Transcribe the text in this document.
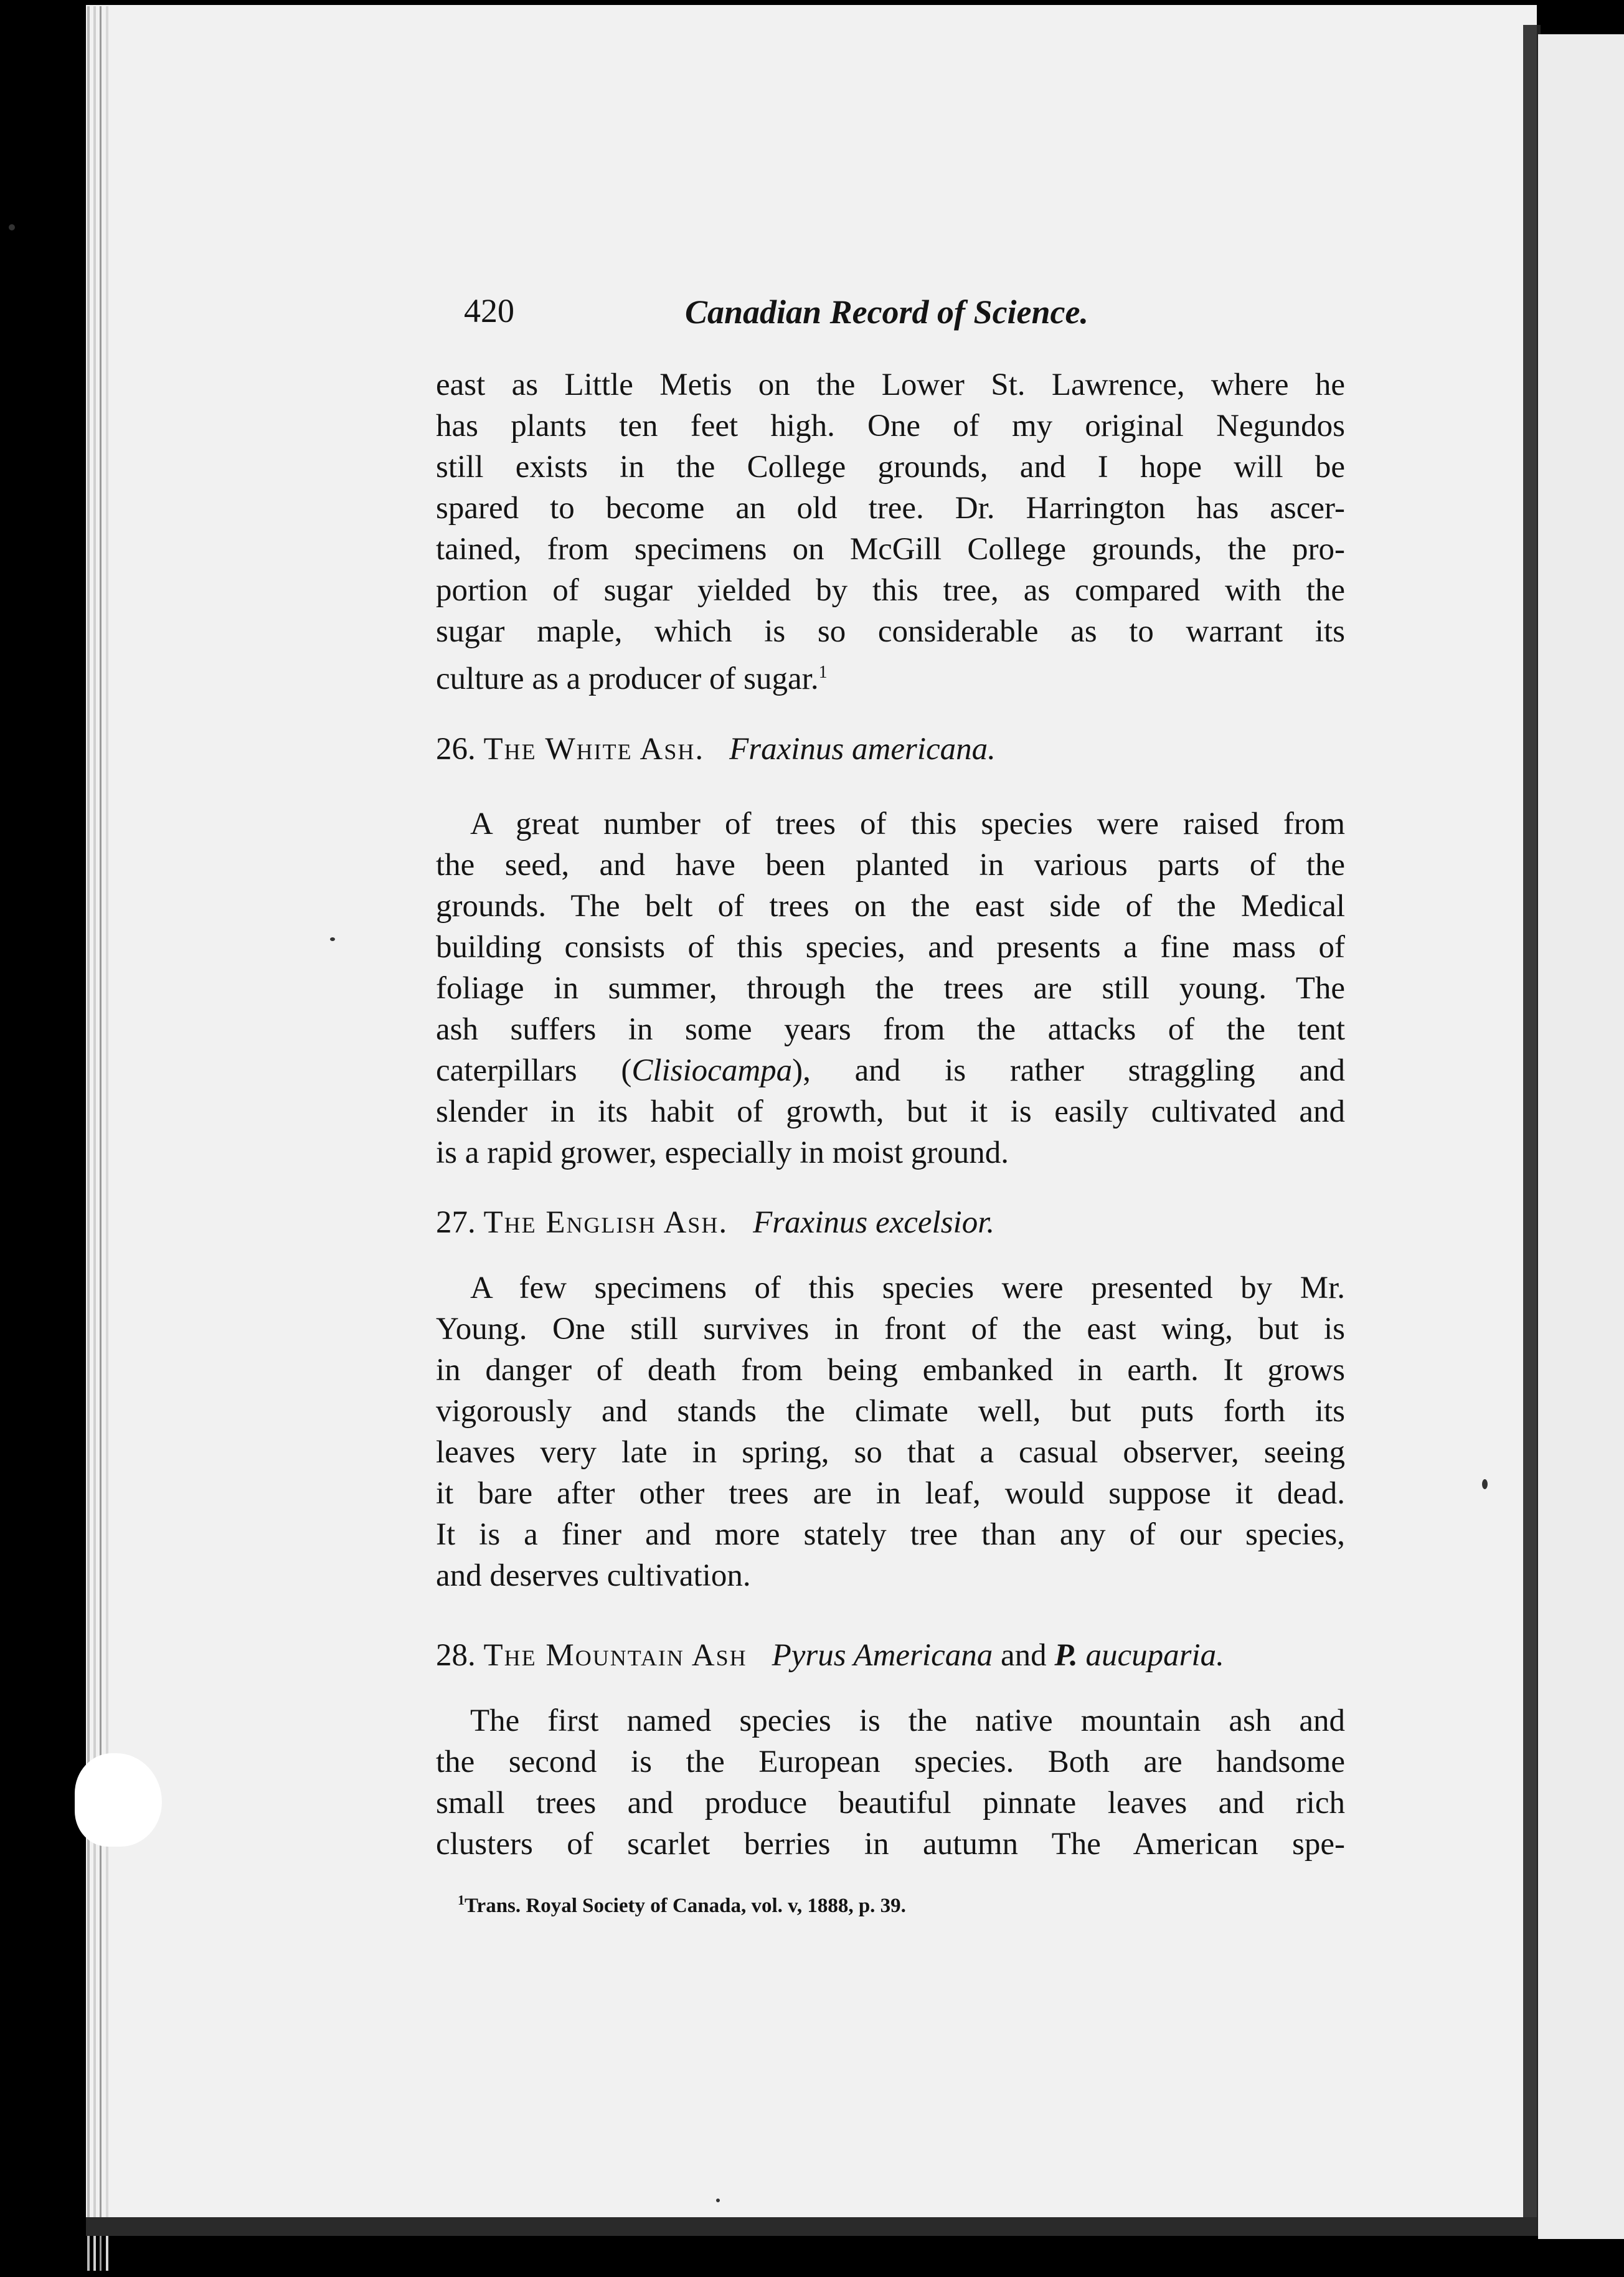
420	Canadian Record of Science.
east as Little Metis on the Lower St. Lawrence, where he
has plants ten feet high. One of my original Negundos
still exists in the College grounds, and I hope will be
spared to become an old tree. Dr. Harrington has ascer-
tained, from specimens on McGill College grounds, the pro-
portion of sugar yielded by this tree, as compared with the
sugar maple, which is so considerable as to warrant its
culture as a producer of sugar.$^1$
26. The White Ash. Fraxinus americana.
A great number of trees of this species were raised from
the seed, and have been planted in various parts of the
grounds. The belt of trees on the east side of the Medical
building consists of this species, and presents a fine mass of
foliage in summer, through the trees are still young. The
ash suffers in some years from the attacks of the tent
caterpillars (Clisiocampa), and is rather straggling and
slender in its habit of growth, but it is easily cultivated and
is a rapid grower, especially in moist ground.
27. The English Ash. Fraxinus excelsior.
A few specimens of this species were presented by Mr.
Young. One still survives in front of the east wing, but is
in danger of death from being embanked in earth. It grows
vigorously and stands the climate well, but puts forth its
leaves very late in spring, so that a casual observer, seeing
it bare after other trees are in leaf, would suppose it dead.
It is a finer and more stately tree than any of our species,
and deserves cultivation.
28. The Mountain Ash Pyrus Americana and P. aucuparia.
The first named species is the native mountain ash and
the second is the European species. Both are handsome
small trees and produce beautiful pinnate leaves and rich
clusters of scarlet berries in autumn The American spe-
$^1$Trans. Royal Society of Canada, vol. v, 1888, p. 39.
